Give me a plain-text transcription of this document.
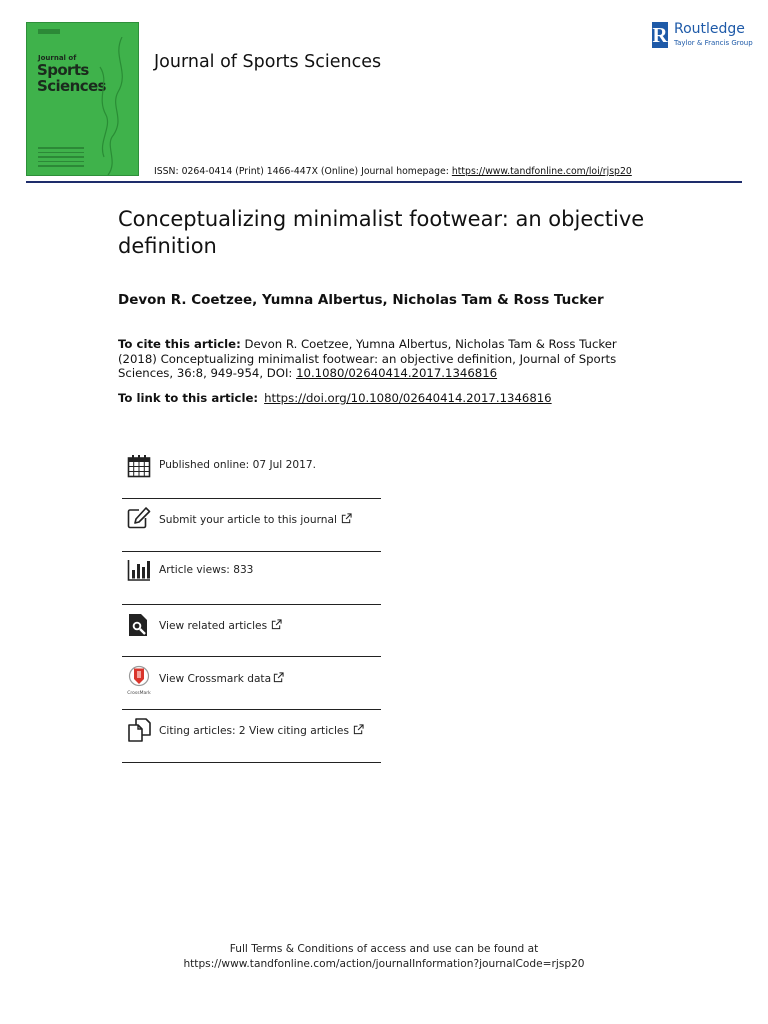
Journal of
Sports
Sciences
Journal of Sports Sciences
R Routledge
Taylor & Francis Group
ISSN: 0264-0414 (Print) 1466-447X (Online) Journal homepage: https://www.tandfonline.com/loi/rjsp20
Conceptualizing minimalist footwear: an objective definition
Devon R. Coetzee, Yumna Albertus, Nicholas Tam & Ross Tucker
To cite this article: Devon R. Coetzee, Yumna Albertus, Nicholas Tam & Ross Tucker (2018) Conceptualizing minimalist footwear: an objective definition, Journal of Sports Sciences, 36:8, 949-954, DOI: 10.1080/02640414.2017.1346816
To link to this article: https://doi.org/10.1080/02640414.2017.1346816
Published online: 07 Jul 2017.
Submit your article to this journal
Article views: 833
View related articles
CrossMark
View Crossmark data
Citing articles: 2 View citing articles
Full Terms & Conditions of access and use can be found at
https://www.tandfonline.com/action/journalInformation?journalCode=rjsp20
